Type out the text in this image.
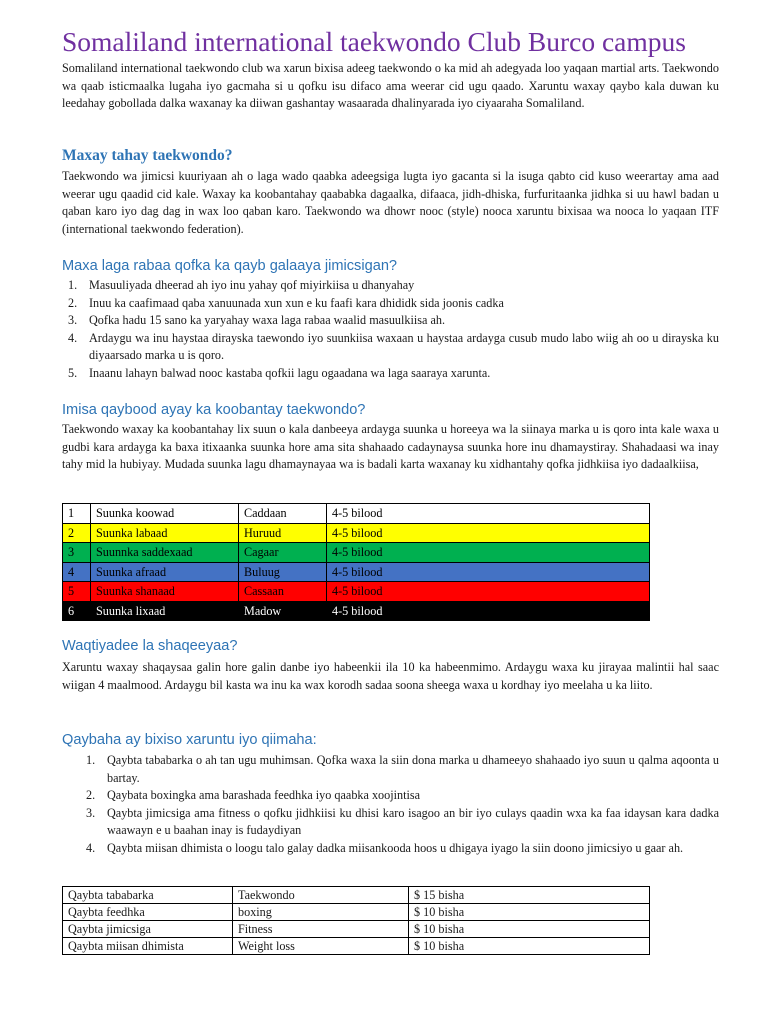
Somaliland international taekwondo Club Burco campus

Somaliland international taekwondo club wa xarun bixisa adeeg taekwondo o ka mid ah adegyada loo yaqaan martial arts. Taekwondo wa qaab isticmaalka lugaha iyo gacmaha si u qofku isu difaco ama weerar cid ugu qaado. Xaruntu waxay qaybo kala duwan ku leedahay gobollada dalka waxanay ka diiwan gashantay wasaarada dhalinyarada iyo ciyaaraha Somaliland.

Maxay tahay taekwondo?

Taekwondo wa jimicsi kuuriyaan ah o laga wado qaabka adeegsiga lugta iyo gacanta si la isuga qabto cid kuso weerartay ama aad weerar ugu qaadid cid kale. Waxay ka koobantahay qaababka dagaalka, difaaca, jidh-dhiska, furfuritaanka jidhka si uu hawl badan u qaban karo iyo dag dag in wax loo qaban karo. Taekwondo wa dhowr nooc (style) nooca xaruntu bixisaa wa nooca lo yaqaan ITF (international taekwondo federation).

Maxa laga rabaa qofka ka qayb galaaya jimicsigan?
1. Masuuliyada dheerad ah iyo inu yahay qof miyirkiisa u dhanyahay
2. Inuu ka caafimaad qaba xanuunada xun xun e ku faafi kara dhididk sida joonis cadka
3. Qofka hadu 15 sano ka yaryahay waxa laga rabaa waalid masuulkiisa ah.
4. Ardaygu wa inu haystaa dirayska taewondo iyo suunkiisa waxaan u haystaa ardayga cusub mudo labo wiig ah oo u dirayska ku diyaarsado marka u is qoro.
5. Inaanu lahayn balwad nooc kastaba qofkii lagu ogaadana wa laga saaraya xarunta.
Imisa qaybood ayay ka koobantay taekwondo?

Taekwondo waxay ka koobantahay lix suun o kala danbeeya ardayga suunka u horeeya wa la siinaya marka u is qoro inta kale waxa u gudbi kara ardayga ka baxa itixaanka suunka hore ama sita shahaado cadaynaysa suunka hore inu dhamaystiray. Shahadaasi wa inay tahy mid la hubiyay. Mudada suunka lagu dhamaynayaa wa is badali karta waxanay ku xidhantahy qofka jidhkiisa iyo dadaalkiisa,

1	Suunka koowad	Caddaan	4-5 bilood
2	Suunka labaad	Huruud	4-5 bilood
3	Suunnka saddexaad	Cagaar	4-5 bilood
4	Suunka afraad	Buluug	4-5 bilood
5	Suunka shanaad	Cassaan	4-5 bilood
6	Suunka lixaad	Madow	4-5 bilood
Waqtiyadee la shaqeeyaa?

Xaruntu waxay shaqaysaa galin hore galin danbe iyo habeenkii ila 10 ka habeenmimo. Ardaygu waxa ku jirayaa malintii hal saac wiigan 4 maalmood. Ardaygu bil kasta wa inu ka wax korodh sadaa soona sheega waxa u kordhay iyo meelaha u ka liito.

Qaybaha ay bixiso xaruntu iyo qiimaha:
1. Qaybta tababarka o ah tan ugu muhimsan. Qofka waxa la siin dona marka u dhameeyo shahaado iyo suun u qalma aqoonta u bartay.
2. Qaybata boxingka ama barashada feedhka iyo qaabka xoojintisa
3. Qaybta jimicsiga ama fitness o qofku jidhkiisi ku dhisi karo isagoo an bir iyo culays qaadin wxa ka faa idaysan kara dadka waawayn e u baahan inay is fudaydiyan
4. Qaybta miisan dhimista o loogu talo galay dadka miisankooda hoos u dhigaya iyago la siin doono jimicsiyo u gaar ah.
Qaybta tababarka	Taekwondo	$ 15 bisha
Qaybta feedhka	boxing	$ 10 bisha
Qaybta jimicsiga	Fitness	$ 10 bisha
Qaybta miisan dhimista	Weight loss	$ 10 bisha
